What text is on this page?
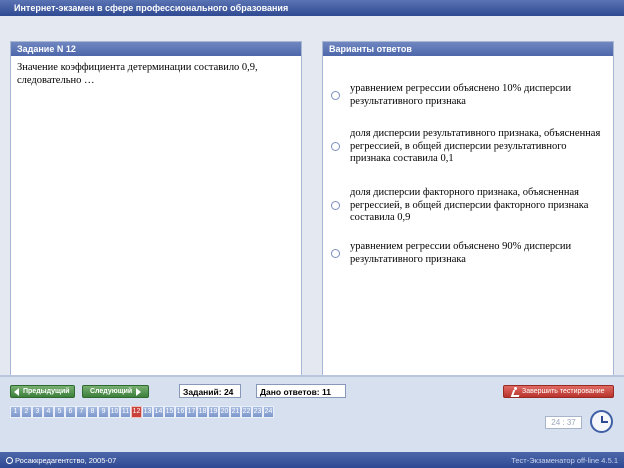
Интернет-экзамен в сфере профессионального образования
Задание N 12
Значение коэффициента детерминации составило 0,9, следовательно …
Варианты ответов
уравнением регрессии объяснено 10% дисперсии результативного признака
доля дисперсии результативного признака, объясненная регрессией, в общей дисперсии результативного признака составила 0,1
доля дисперсии факторного признака, объясненная регрессией, в общей дисперсии факторного признака составила 0,9
уравнением регрессии объяснено 90% дисперсии результативного признака
Предыдущий	Следующий	Заданий: 24	Дано ответов: 11	Завершить тестирование
1	2	3	4	5	6	7	8	9 10 11 12 13 14 15 16 17 18 19 20 21 22 23 24
24 : 37
Росаккредагентство, 2005-07	Тест-Экзаменатор off-line 4.5.1
